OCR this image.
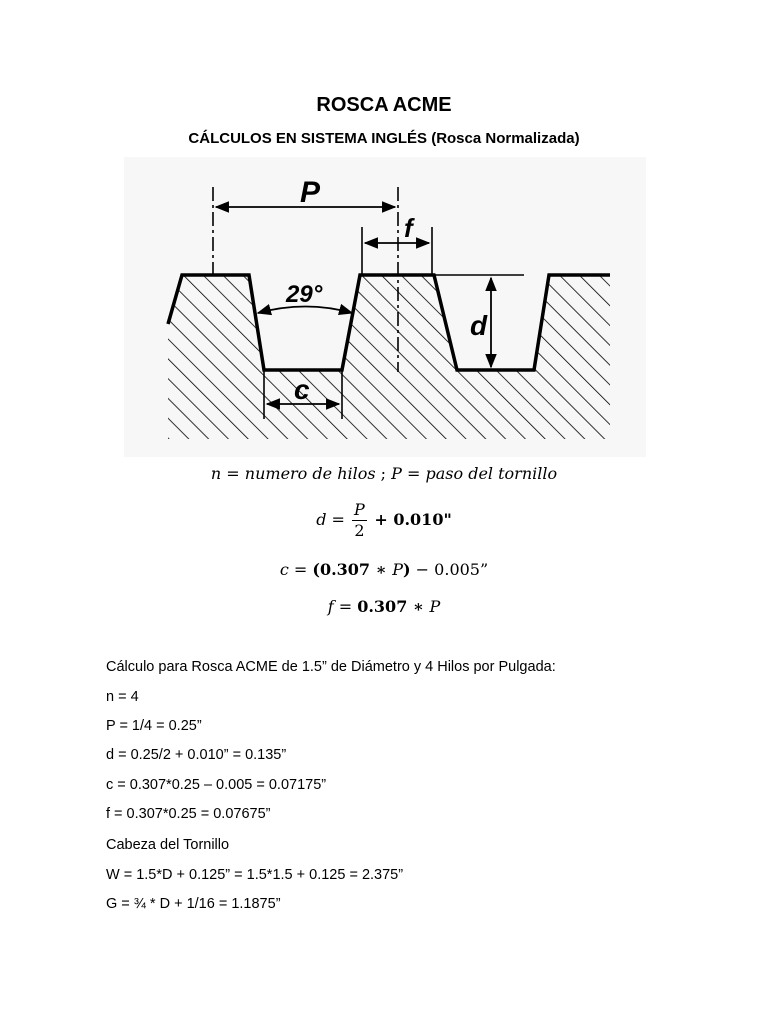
ROSCA ACME
CÁLCULOS EN SISTEMA INGLÉS (Rosca Normalizada)
P
f
29°
d
c
n = numero de hilos ; P = paso del tornillo
$d = \frac{P}{2} + 0.010$"
c = (0.307 ∗ P) − 0.005”
f = 0.307 ∗ P
Cálculo para Rosca ACME de 1.5” de Diámetro y 4 Hilos por Pulgada:
n = 4
P = 1/4 = 0.25”
d = 0.25/2 + 0.010” = 0.135”
c = 0.307*0.25 – 0.005 = 0.07175”
f = 0.307*0.25 = 0.07675”
Cabeza del Tornillo
W = 1.5*D + 0.125” = 1.5*1.5 + 0.125 = 2.375”
G = ¾ * D + 1/16 = 1.1875”
